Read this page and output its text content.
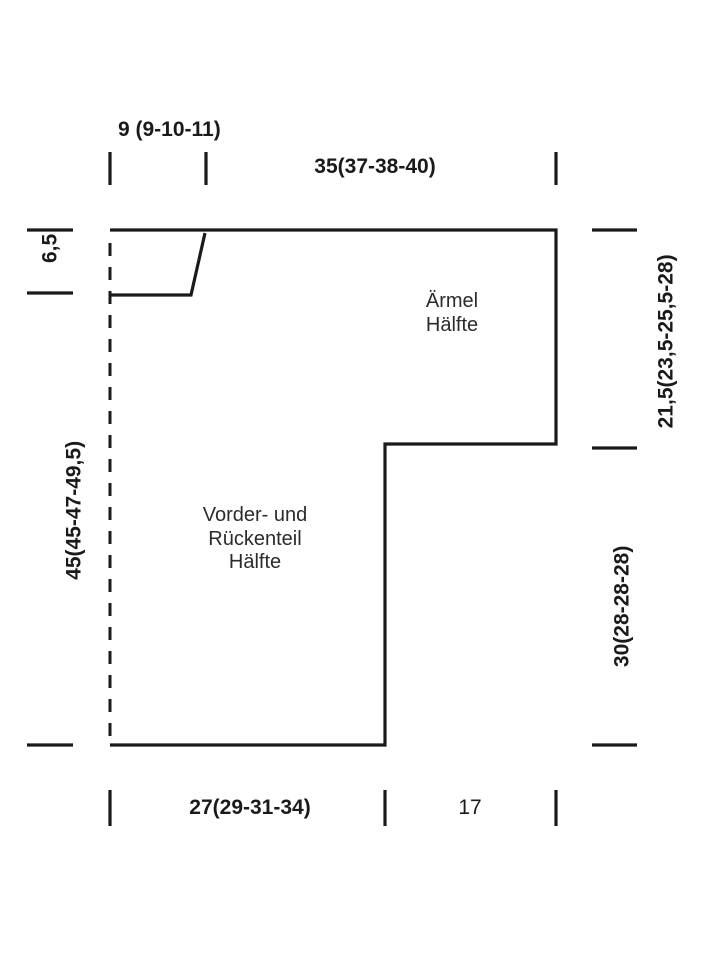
9 (9-10-11)
35(37-38-40)
6,5
45(45-47-49,5)
21,5(23,5-25,5-28)
30(28-28-28)
27(29-31-34)	17
Ärmel
Hälfte
Vorder- und
Rückenteil
Hälfte
